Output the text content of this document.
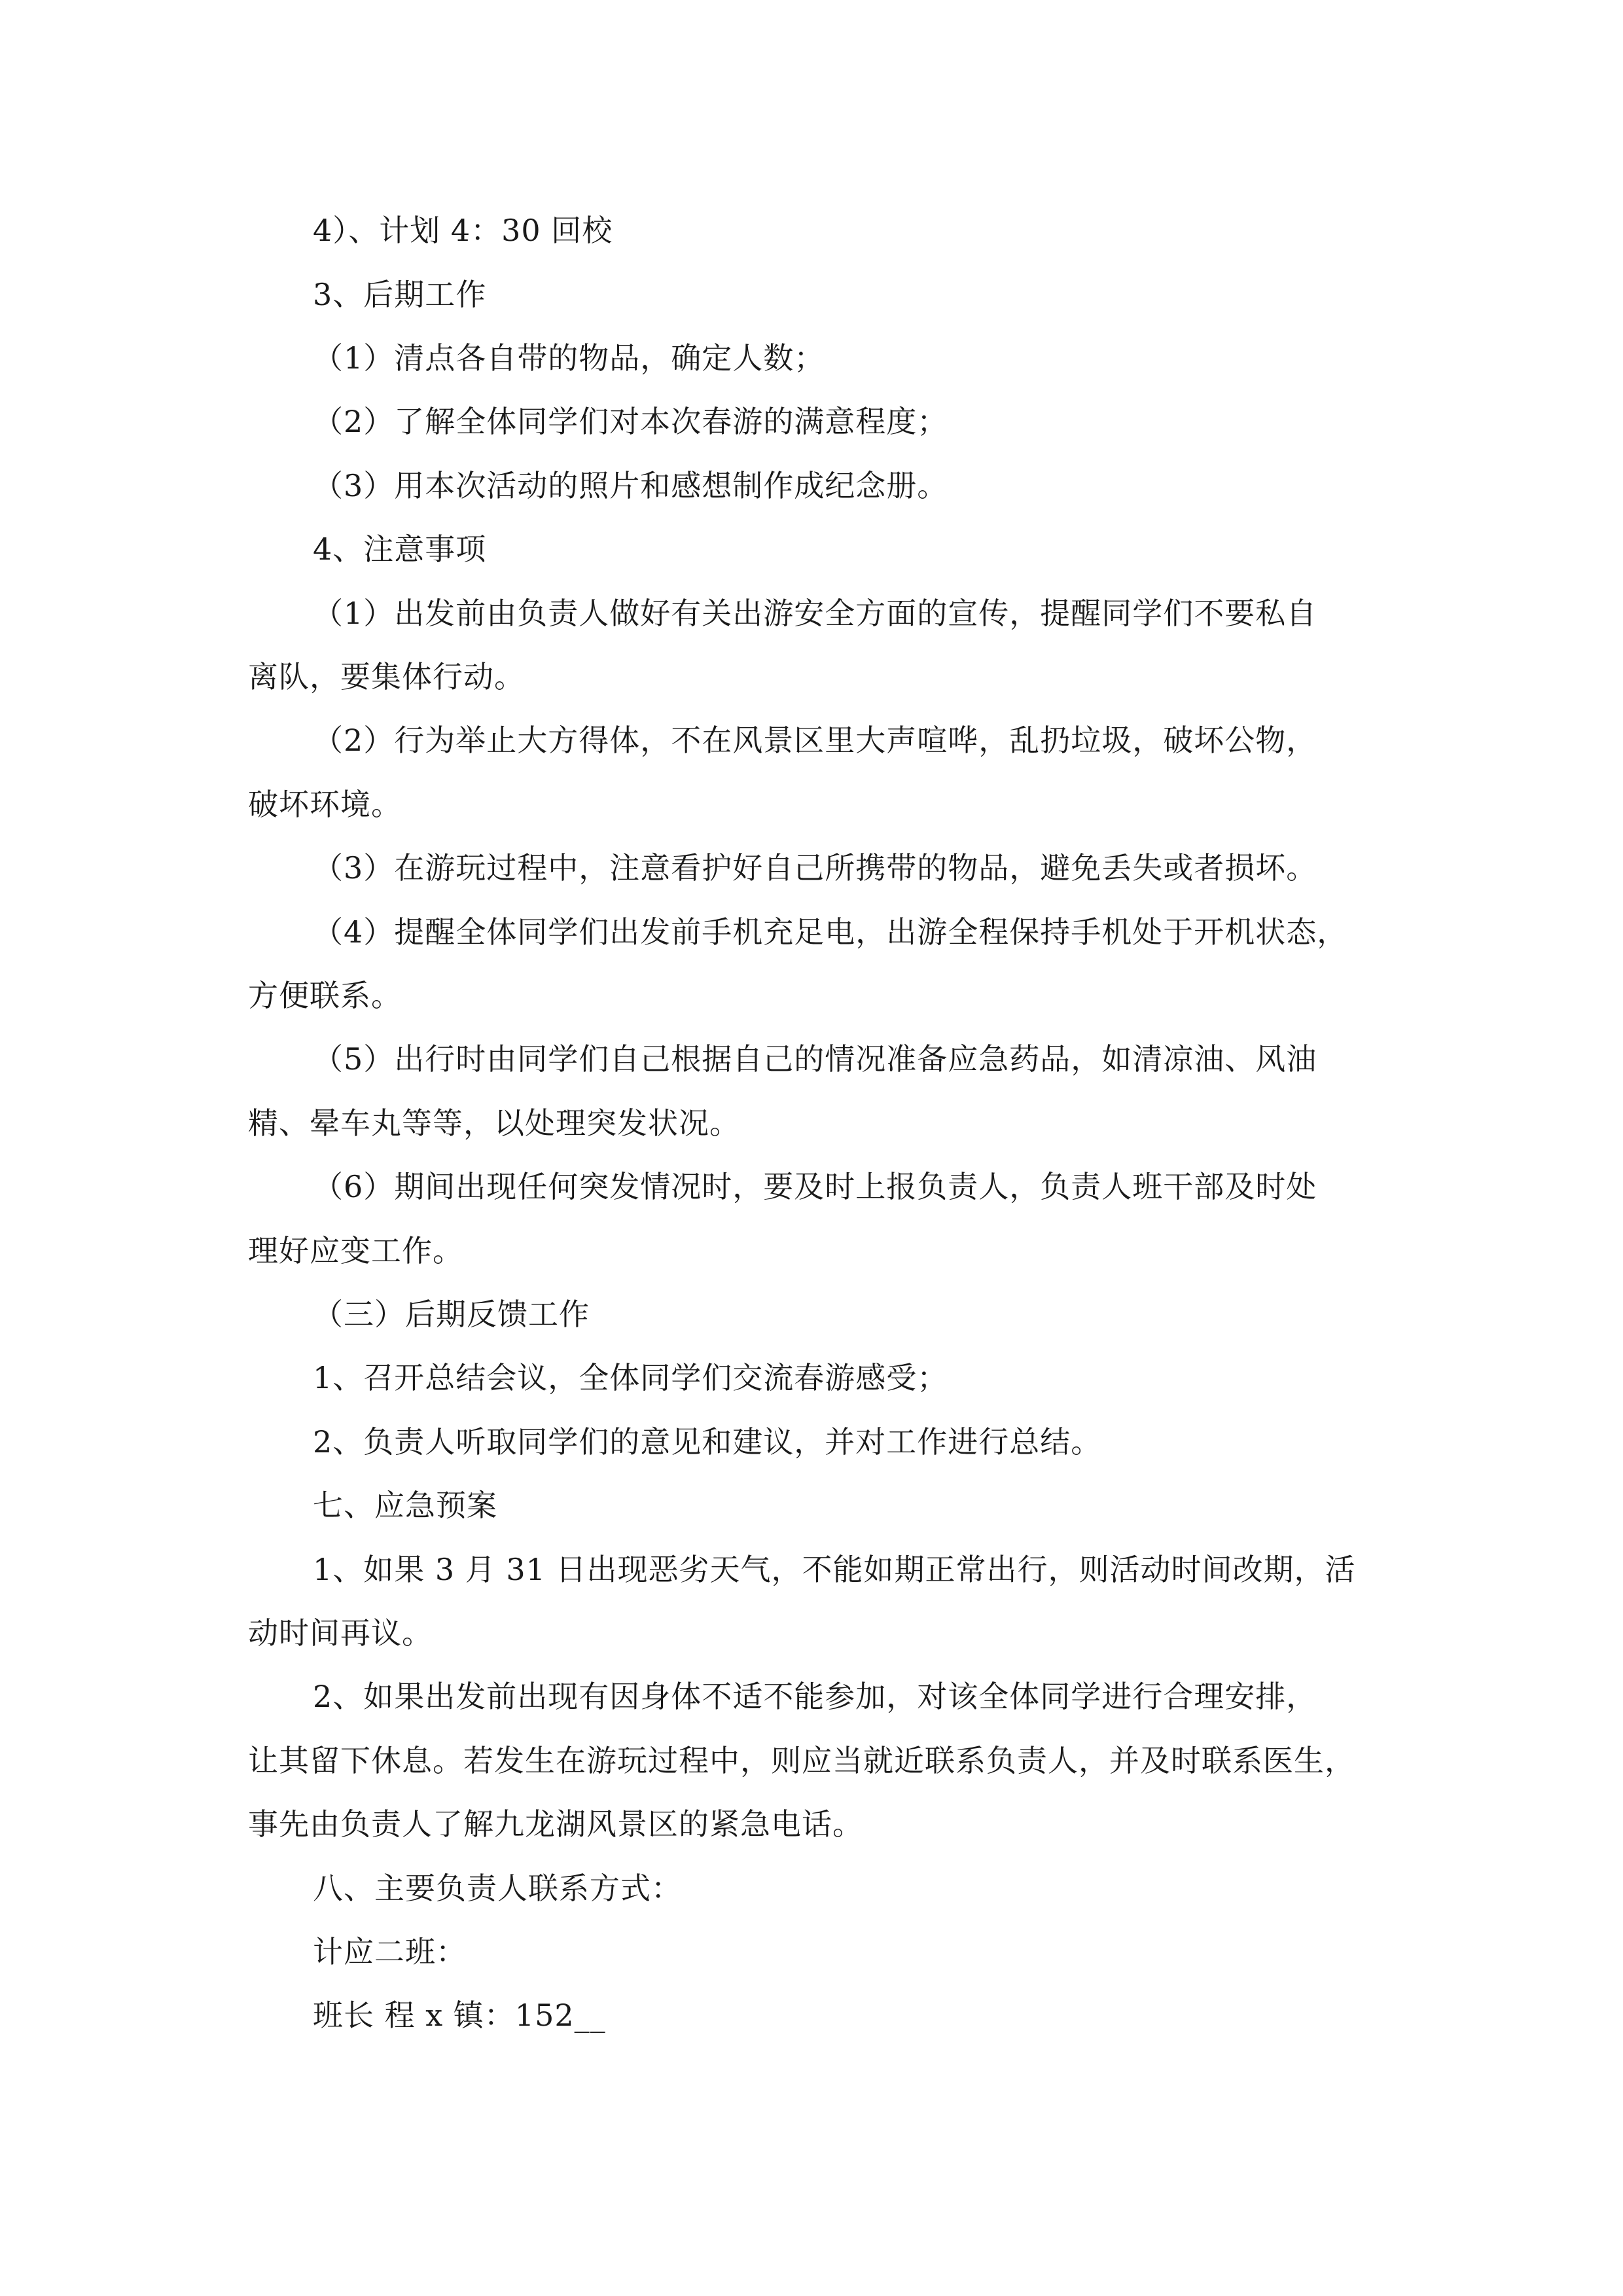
4）、计划 4：30 回校
3、后期工作
（1）清点各自带的物品，确定人数；
（2）了解全体同学们对本次春游的满意程度；
（3）用本次活动的照片和感想制作成纪念册。
4、注意事项
（1）出发前由负责人做好有关出游安全方面的宣传，提醒同学们不要私自
离队，要集体行动。
（2）行为举止大方得体，不在风景区里大声喧哗，乱扔垃圾，破坏公物，
破坏环境。
（3）在游玩过程中，注意看护好自己所携带的物品，避免丢失或者损坏。
（4）提醒全体同学们出发前手机充足电，出游全程保持手机处于开机状态，
方便联系。
（5）出行时由同学们自己根据自己的情况准备应急药品，如清凉油、风油
精、晕车丸等等，以处理突发状况。
（6）期间出现任何突发情况时，要及时上报负责人，负责人班干部及时处
理好应变工作。
（三）后期反馈工作
1、召开总结会议，全体同学们交流春游感受；
2、负责人听取同学们的意见和建议，并对工作进行总结。
七、应急预案
1、如果 3 月 31 日出现恶劣天气，不能如期正常出行，则活动时间改期，活
动时间再议。
2、如果出发前出现有因身体不适不能参加，对该全体同学进行合理安排，
让其留下休息。若发生在游玩过程中，则应当就近联系负责人，并及时联系医生，
事先由负责人了解九龙湖风景区的紧急电话。
八、主要负责人联系方式：
计应二班：
班长 程 x 镇：152__
